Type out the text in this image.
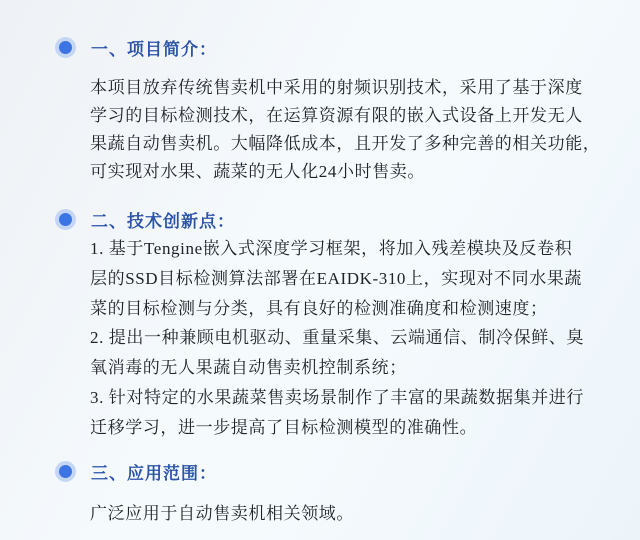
一、项目简介：
本项目放弃传统售卖机中采用的射频识别技术，采用了基于深度
学习的目标检测技术，在运算资源有限的嵌入式设备上开发无人
果蔬自动售卖机。大幅降低成本，且开发了多种完善的相关功能，
可实现对水果、蔬菜的无人化24小时售卖。
二、技术创新点：
1. 基于Tengine嵌入式深度学习框架，将加入残差模块及反卷积
层的SSD目标检测算法部署在EAIDK-310上，实现对不同水果蔬
菜的目标检测与分类，具有良好的检测准确度和检测速度；
2. 提出一种兼顾电机驱动、重量采集、云端通信、制冷保鲜、臭
氧消毒的无人果蔬自动售卖机控制系统；
3. 针对特定的水果蔬菜售卖场景制作了丰富的果蔬数据集并进行
迁移学习，进一步提高了目标检测模型的准确性。
三、应用范围：
广泛应用于自动售卖机相关领域。
